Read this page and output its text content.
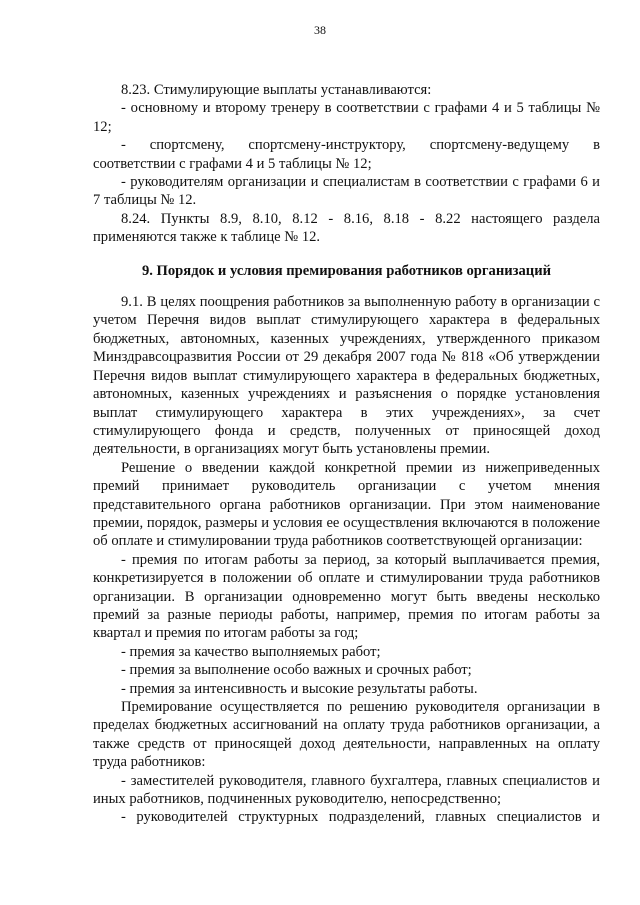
38

8.23. Стимулирующие выплаты устанавливаются:

- основному и второму тренеру в соответствии с графами 4 и 5 таблицы № 12;

- спортсмену, спортсмену-инструктору, спортсмену-ведущему в соответствии с графами 4 и 5 таблицы № 12;

- руководителям организации и специалистам в соответствии с графами 6 и 7 таблицы № 12.

8.24. Пункты 8.9, 8.10, 8.12 - 8.16, 8.18 - 8.22 настоящего раздела применяются также к таблице № 12.

9. Порядок и условия премирования работников организаций

9.1. В целях поощрения работников за выполненную работу в организации с учетом Перечня видов выплат стимулирующего характера в федеральных бюджетных, автономных, казенных учреждениях, утвержденного приказом Минздравсоцразвития России от 29 декабря 2007 года № 818 «Об утверждении Перечня видов выплат стимулирующего характера в федеральных бюджетных, автономных, казенных учреждениях и разъяснения о порядке установления выплат стимулирующего характера в этих учреждениях», за счет стимулирующего фонда и средств, полученных от приносящей доход деятельности, в организациях могут быть установлены премии.

Решение о введении каждой конкретной премии из нижеприведенных премий принимает руководитель организации с учетом мнения представительного органа работников организации. При этом наименование премии, порядок, размеры и условия ее осуществления включаются в положение об оплате и стимулировании труда работников соответствующей организации:

- премия по итогам работы за период, за который выплачивается премия, конкретизируется в положении об оплате и стимулировании труда работников организации. В организации одновременно могут быть введены несколько премий за разные периоды работы, например, премия по итогам работы за квартал и премия по итогам работы за год;

- премия за качество выполняемых работ;

- премия за выполнение особо важных и срочных работ;

- премия за интенсивность и высокие результаты работы.

Премирование осуществляется по решению руководителя организации в пределах бюджетных ассигнований на оплату труда работников организации, а также средств от приносящей доход деятельности, направленных на оплату труда работников:

- заместителей руководителя, главного бухгалтера, главных специалистов и иных работников, подчиненных руководителю, непосредственно;

- руководителей структурных подразделений, главных специалистов и
